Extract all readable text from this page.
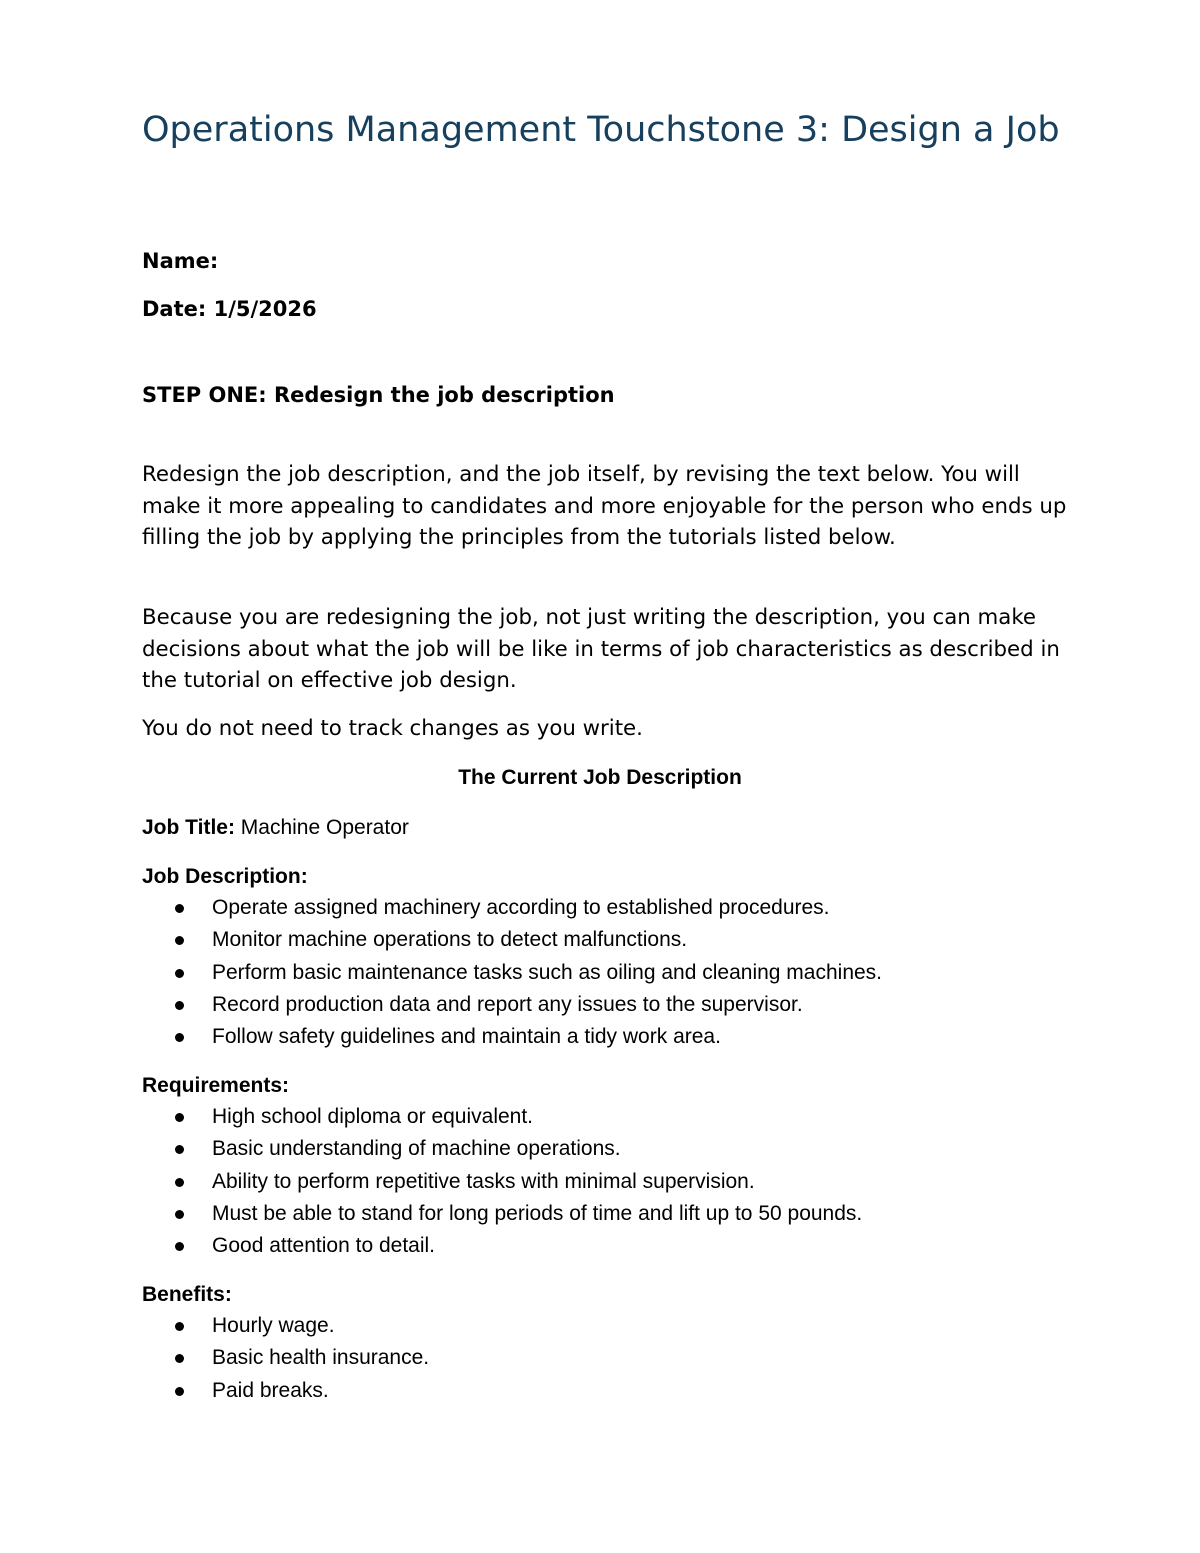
Operations Management Touchstone 3: Design a Job

Name:

Date: 1/5/2026

STEP ONE: Redesign the job description

Redesign the job description, and the job itself, by revising the text below. You will make it more appealing to candidates and more enjoyable for the person who ends up filling the job by applying the principles from the tutorials listed below.

Because you are redesigning the job, not just writing the description, you can make decisions about what the job will be like in terms of job characteristics as described in the tutorial on effective job design.

You do not need to track changes as you write.

The Current Job Description

Job Title: Machine Operator

Job Description:

Operate assigned machinery according to established procedures.
Monitor machine operations to detect malfunctions.
Perform basic maintenance tasks such as oiling and cleaning machines.
Record production data and report any issues to the supervisor.
Follow safety guidelines and maintain a tidy work area.

Requirements:

High school diploma or equivalent.
Basic understanding of machine operations.
Ability to perform repetitive tasks with minimal supervision.
Must be able to stand for long periods of time and lift up to 50 pounds.
Good attention to detail.

Benefits:

Hourly wage.
Basic health insurance.
Paid breaks.
